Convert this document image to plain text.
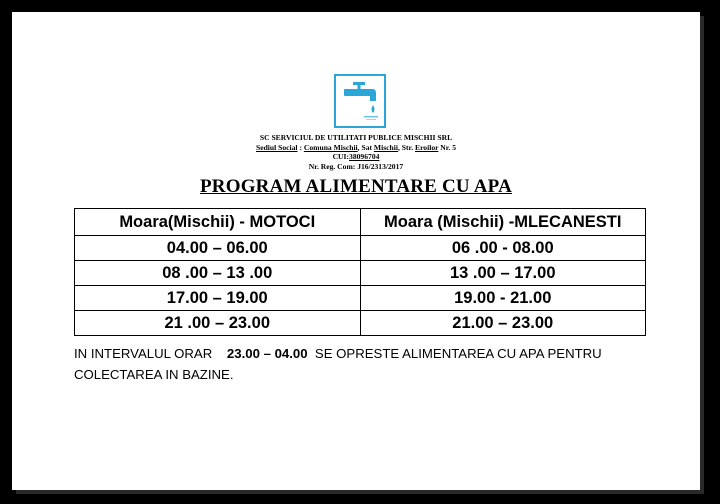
SC SERVICIUL DE UTILITATI PUBLICE MISCHII SRL
Sediul Social : Comuna Mischii, Sat Mischii, Str. Eroilor Nr. 5
CUI:38096704
Nr. Reg. Com: J16/2313/2017
PROGRAM ALIMENTARE CU APA
Moara(Mischii) - MOTOCI	Moara (Mischii) -MLECANESTI
04.00 – 06.00	06 .00 - 08.00
08 .00 – 13 .00	13 .00 – 17.00
17.00 – 19.00	19.00 - 21.00
21 .00 – 23.00	21.00 – 23.00
IN INTERVALUL ORAR 23.00 – 04.00 SE OPRESTE ALIMENTAREA CU APA PENTRU
COLECTAREA IN BAZINE.
